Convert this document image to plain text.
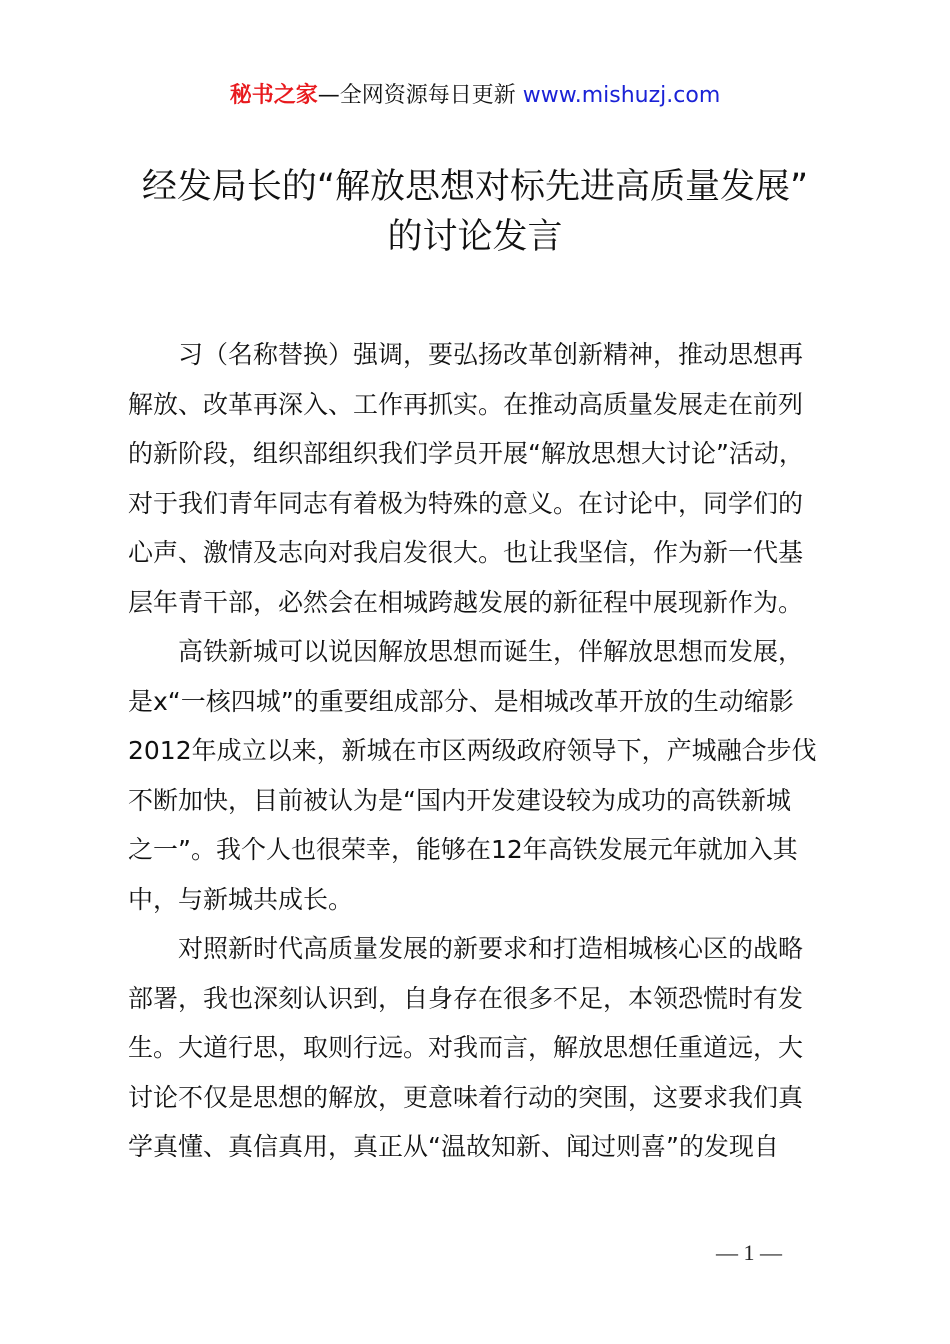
秘书之家—全网资源每日更新 www.mishuzj.com
经发局长的“解放思想对标先进高质量发展”
的讨论发言
　　习（名称替换）强调，要弘扬改革创新精神，推动思想再
解放、改革再深入、工作再抓实。在推动高质量发展走在前列
的新阶段，组织部组织我们学员开展“解放思想大讨论”活动，
对于我们青年同志有着极为特殊的意义。在讨论中，同学们的
心声、激情及志向对我启发很大。也让我坚信，作为新一代基
层年青干部，必然会在相城跨越发展的新征程中展现新作为。
　　高铁新城可以说因解放思想而诞生，伴解放思想而发展，
是x“一核四城”的重要组成部分、是相城改革开放的生动缩影
2012年成立以来，新城在市区两级政府领导下，产城融合步伐
不断加快，目前被认为是“国内开发建设较为成功的高铁新城
之一”。我个人也很荣幸，能够在12年高铁发展元年就加入其
中，与新城共成长。
　　对照新时代高质量发展的新要求和打造相城核心区的战略
部署，我也深刻认识到，自身存在很多不足，本领恐慌时有发
生。大道行思，取则行远。对我而言，解放思想任重道远，大
讨论不仅是思想的解放，更意味着行动的突围，这要求我们真
学真懂、真信真用，真正从“温故知新、闻过则喜”的发现自
— 1 —
